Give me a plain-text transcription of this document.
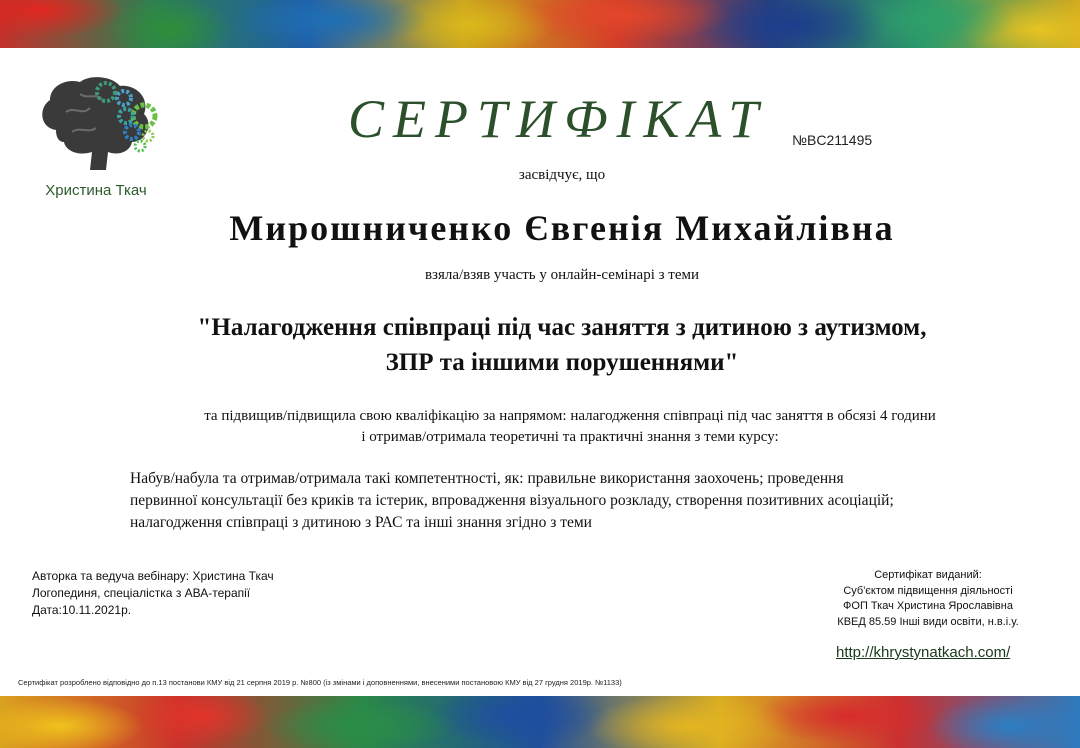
Христина Ткач
СЕРТИФІКАТ №BC211495
засвідчує, що
Мирошниченко Євгенія Михайлівна
взяла/взяв участь у онлайн-семінарі з теми
"Налагодження співпраці під час заняття з дитиною з аутизмом,
ЗПР та іншими порушеннями"
та підвищив/підвищила свою кваліфікацію за напрямом: налагодження співпраці під час заняття в обсязі 4 години
і отримав/отримала теоретичні та практичні знання з теми курсу:
Набув/набула та отримав/отримала такі компетентності, як: правильне використання заохочень; проведення
первинної консультації без криків та істерик, впровадження візуального розкладу, створення позитивних асоціацій;
налагодження співпраці з дитиною з РАС та інші знання згідно з теми
Авторка та ведуча вебінару: Христина Ткач
Логопединя, спеціалістка з АВА-терапії
Дата:10.11.2021р.
Сертифікат виданий:
Суб'єктом підвищення діяльності
ФОП Ткач Христина Ярославівна
КВЕД 85.59 Інші види освіти, н.в.і.у.
http://khrystynatkach.com/
Сертифікат розроблено відповідно до п.13 постанови КМУ від 21 серпня 2019 р. №800 (із змінами і доповненнями, внесеними постановою КМУ від 27 грудня 2019р. №1133)
